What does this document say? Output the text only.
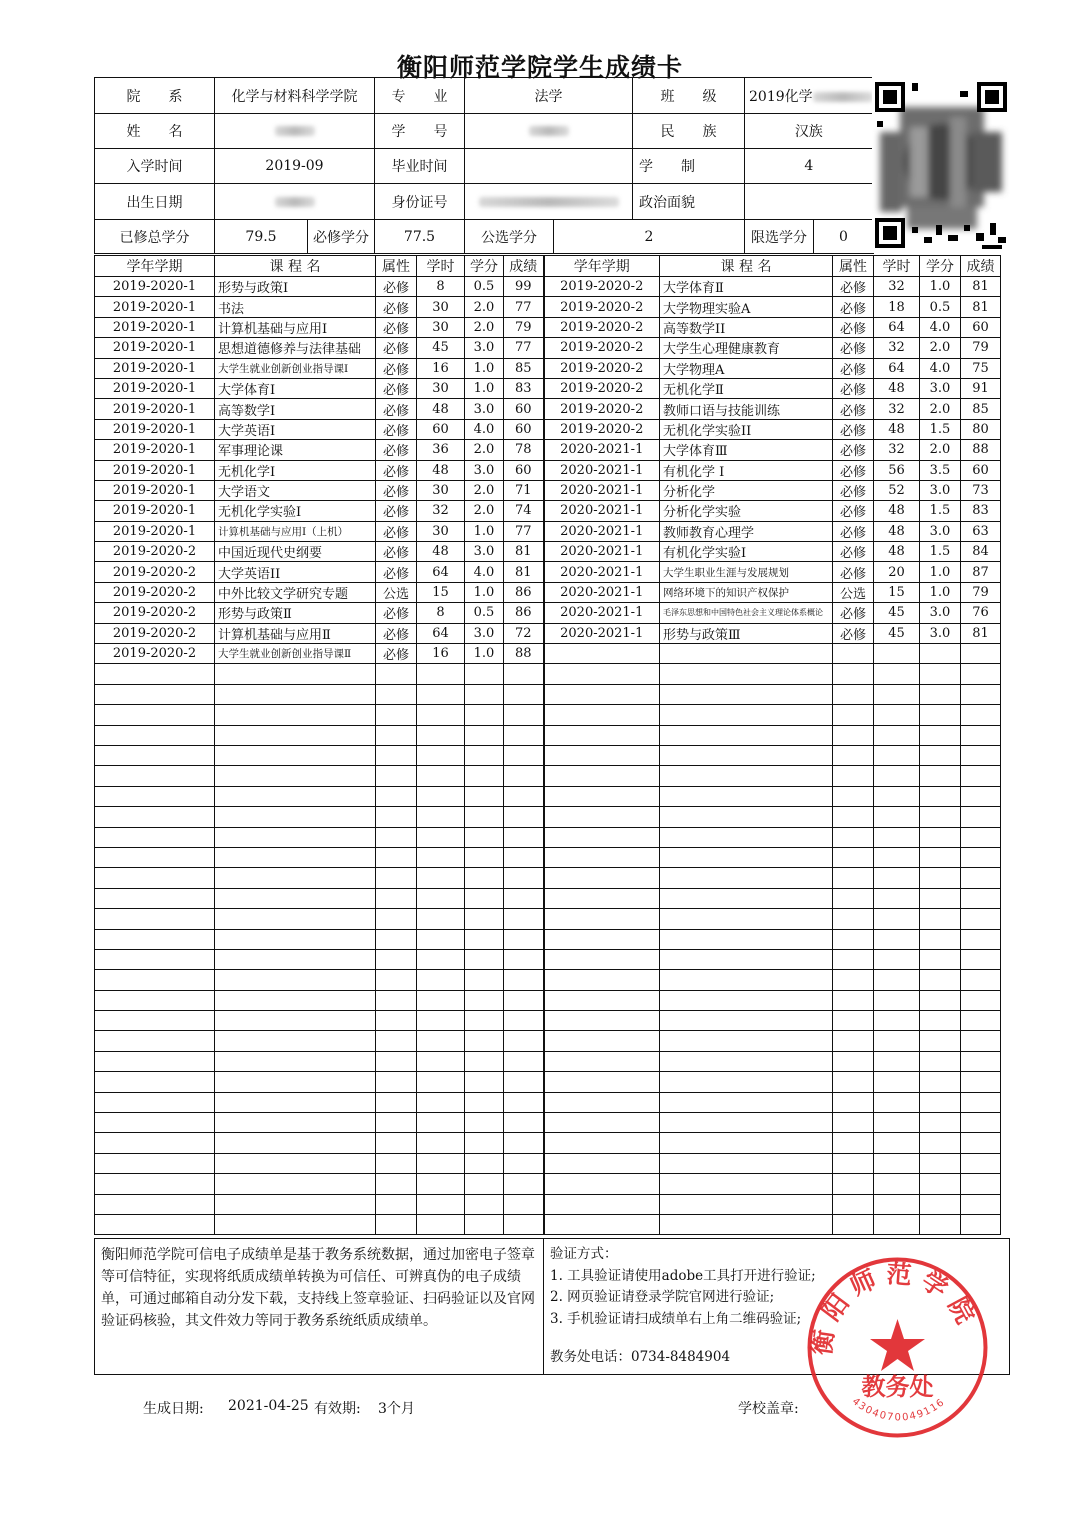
衡阳师范学院学生成绩卡
院　　系	化学与材料科学学院		专　　业	法学		班　　级	2019化学	
姓　　名			学　　号			民　　族	汉族	
入学时间	2019-09		毕业时间			学　　制	4	
出生日期			身份证号			政治面貌		
已修总学分	79.5	必修学分	77.5	公选学分	2		限选学分	0
学年学期	课 程 名	属性	学时	学分	成绩	学年学期	课 程 名	属性	学时	学分	成绩
2019-2020-1	形势与政策Ⅰ	必修	8	0.5	99	2019-2020-2	大学体育Ⅱ	必修	32	1.0	81
2019-2020-1	书法	必修	30	2.0	77	2019-2020-2	大学物理实验A	必修	18	0.5	81
2019-2020-1	计算机基础与应用Ⅰ	必修	30	2.0	79	2019-2020-2	高等数学II	必修	64	4.0	60
2019-2020-1	思想道德修养与法律基础	必修	45	3.0	77	2019-2020-2	大学生心理健康教育	必修	32	2.0	79
2019-2020-1	大学生就业创新创业指导课Ⅰ	必修	16	1.0	85	2019-2020-2	大学物理A	必修	64	4.0	75
2019-2020-1	大学体育Ⅰ	必修	30	1.0	83	2019-2020-2	无机化学Ⅱ	必修	48	3.0	91
2019-2020-1	高等数学Ⅰ	必修	48	3.0	60	2019-2020-2	教师口语与技能训练	必修	32	2.0	85
2019-2020-1	大学英语Ⅰ	必修	60	4.0	60	2019-2020-2	无机化学实验II	必修	48	1.5	80
2019-2020-1	军事理论课	必修	36	2.0	78	2020-2021-1	大学体育Ⅲ	必修	32	2.0	88
2019-2020-1	无机化学Ⅰ	必修	48	3.0	60	2020-2021-1	有机化学 Ⅰ	必修	56	3.5	60
2019-2020-1	大学语文	必修	30	2.0	71	2020-2021-1	分析化学	必修	52	3.0	73
2019-2020-1	无机化学实验Ⅰ	必修	32	2.0	74	2020-2021-1	分析化学实验	必修	48	1.5	83
2019-2020-1	计算机基础与应用Ⅰ（上机）	必修	30	1.0	77	2020-2021-1	教师教育心理学	必修	48	3.0	63
2019-2020-2	中国近现代史纲要	必修	48	3.0	81	2020-2021-1	有机化学实验Ⅰ	必修	48	1.5	84
2019-2020-2	大学英语II	必修	64	4.0	81	2020-2021-1	大学生职业生涯与发展规划	必修	20	1.0	87
2019-2020-2	中外比较文学研究专题	公选	15	1.0	86	2020-2021-1	网络环境下的知识产权保护	公选	15	1.0	79
2019-2020-2	形势与政策Ⅱ	必修	8	0.5	86	2020-2021-1	毛泽东思想和中国特色社会主义理论体系概论	必修	45	3.0	76
2019-2020-2	计算机基础与应用Ⅱ	必修	64	3.0	72	2020-2021-1	形势与政策Ⅲ	必修	45	3.0	81
2019-2020-2	大学生就业创新创业指导课Ⅱ	必修	16	1.0	88						

衡阳师范学院可信电子成绩单是基于教务系统数据，通过加密电子签章等可信特征，实现将纸质成绩单转换为可信任、可辨真伪的电子成绩单，可通过邮箱自动分发下载，支持线上签章验证、扫码验证以及官网验证码核验，其文件效力等同于教务系统纸质成绩单。
验证方式：
1. 工具验证请使用adobe工具打开进行验证;
2. 网页验证请登录学院官网进行验证;
3. 手机验证请扫成绩单右上角二维码验证;
教务处电话：0734-8484904
生成日期: 2021-04-25 有效期: 3个月	学校盖章:
衡阳师范学院
教务处
4304070049116
